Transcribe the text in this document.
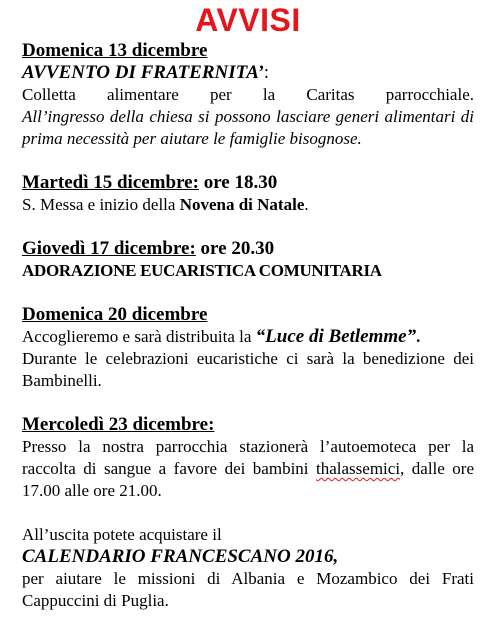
AVVISI
Domenica 13 dicembre
AVVENTO DI FRATERNITA’:

Colletta alimentare per la Caritas parrocchiale.

All’ingresso della chiesa si possono lasciare generi alimentari di prima necessità per aiutare le famiglie bisognose.

Martedì 15 dicembre: ore 18.30

S. Messa e inizio della Novena di Natale.

Giovedì 17 dicembre: ore 20.30
ADORAZIONE EUCARISTICA COMUNITARIA
Domenica 20 dicembre

Accoglieremo e sarà distribuita la “Luce di Betlemme”.

Durante le celebrazioni eucaristiche ci sarà la benedizione dei Bambinelli.

Mercoledì 23 dicembre:

Presso la nostra parrocchia stazionerà l’autoemoteca per la raccolta di sangue a favore dei bambini thalassemici, dalle ore 17.00 alle ore 21.00.

All’uscita potete acquistare il

CALENDARIO FRANCESCANO 2016,

per aiutare le missioni di Albania e Mozambico dei Frati Cappuccini di Puglia.
